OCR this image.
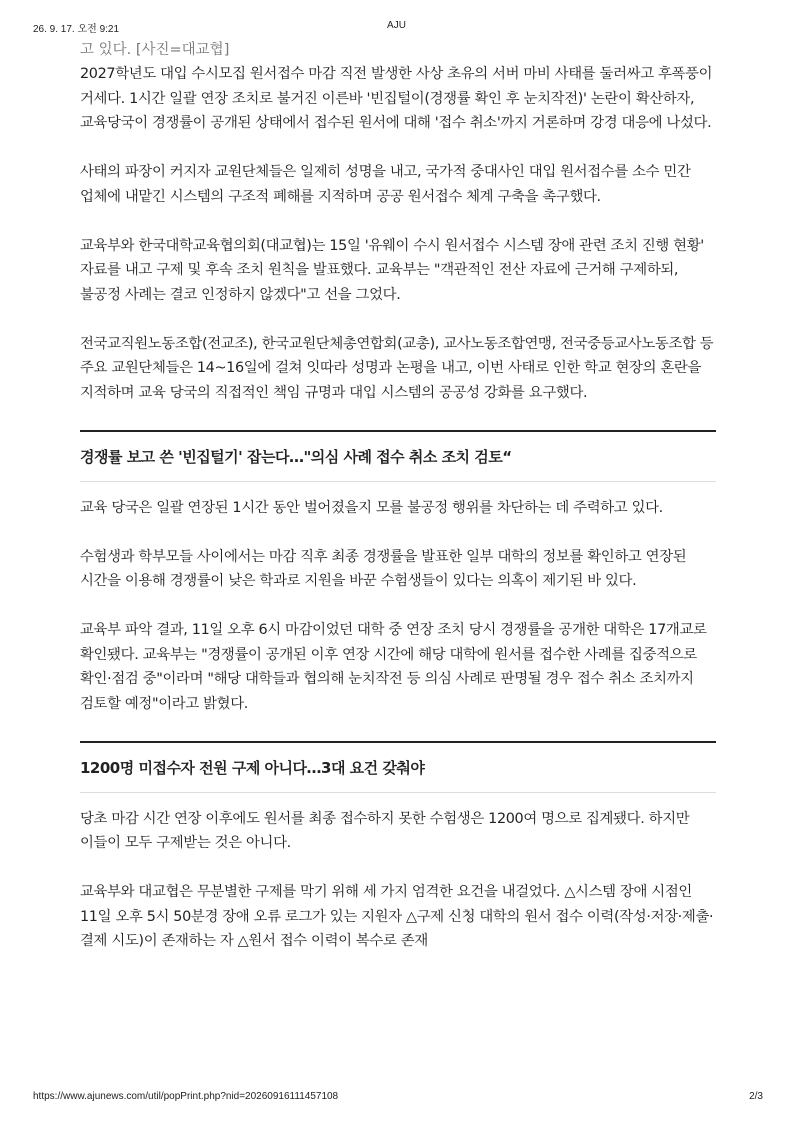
26. 9. 17. 오전 9:21	AJU

고 있다. [사진=대교협]

2027학년도 대입 수시모집 원서접수 마감 직전 발생한 사상 초유의 서버 마비 사태를 둘러싸고 후폭풍이 거세다. 1시간 일괄 연장 조치로 불거진 이른바 '빈집털이(경쟁률 확인 후 눈치작전)' 논란이 확산하자, 교육당국이 경쟁률이 공개된 상태에서 접수된 원서에 대해 '접수 취소'까지 거론하며 강경 대응에 나섰다.

사태의 파장이 커지자 교원단체들은 일제히 성명을 내고, 국가적 중대사인 대입 원서접수를 소수 민간 업체에 내맡긴 시스템의 구조적 폐해를 지적하며 공공 원서접수 체계 구축을 촉구했다.

교육부와 한국대학교육협의회(대교협)는 15일 '유웨이 수시 원서접수 시스템 장애 관련 조치 진행 현황' 자료를 내고 구제 및 후속 조치 원칙을 발표했다. 교육부는 "객관적인 전산 자료에 근거해 구제하되, 불공정 사례는 결코 인정하지 않겠다"고 선을 그었다.

전국교직원노동조합(전교조), 한국교원단체총연합회(교총), 교사노동조합연맹, 전국중등교사노동조합 등 주요 교원단체들은 14~16일에 걸쳐 잇따라 성명과 논평을 내고, 이번 사태로 인한 학교 현장의 혼란을 지적하며 교육 당국의 직접적인 책임 규명과 대입 시스템의 공공성 강화를 요구했다.

경쟁률 보고 쓴 '빈집털기' 잡는다…"의심 사례 접수 취소 조치 검토“

교육 당국은 일괄 연장된 1시간 동안 벌어졌을지 모를 불공정 행위를 차단하는 데 주력하고 있다.

수험생과 학부모들 사이에서는 마감 직후 최종 경쟁률을 발표한 일부 대학의 정보를 확인하고 연장된 시간을 이용해 경쟁률이 낮은 학과로 지원을 바꾼 수험생들이 있다는 의혹이 제기된 바 있다.

교육부 파악 결과, 11일 오후 6시 마감이었던 대학 중 연장 조치 당시 경쟁률을 공개한 대학은 17개교로 확인됐다. 교육부는 "경쟁률이 공개된 이후 연장 시간에 해당 대학에 원서를 접수한 사례를 집중적으로 확인·점검 중"이라며 "해당 대학들과 협의해 눈치작전 등 의심 사례로 판명될 경우 접수 취소 조치까지 검토할 예정"이라고 밝혔다.

1200명 미접수자 전원 구제 아니다…3대 요건 갖춰야

당초 마감 시간 연장 이후에도 원서를 최종 접수하지 못한 수험생은 1200여 명으로 집계됐다. 하지만 이들이 모두 구제받는 것은 아니다.

교육부와 대교협은 무분별한 구제를 막기 위해 세 가지 엄격한 요건을 내걸었다. △시스템 장애 시점인 11일 오후 5시 50분경 장애 오류 로그가 있는 지원자 △구제 신청 대학의 원서 접수 이력(작성·저장·제출·결제 시도)이 존재하는 자 △원서 접수 이력이 복수로 존재

https://www.ajunews.com/util/popPrint.php?nid=20260916111457108	2/3
